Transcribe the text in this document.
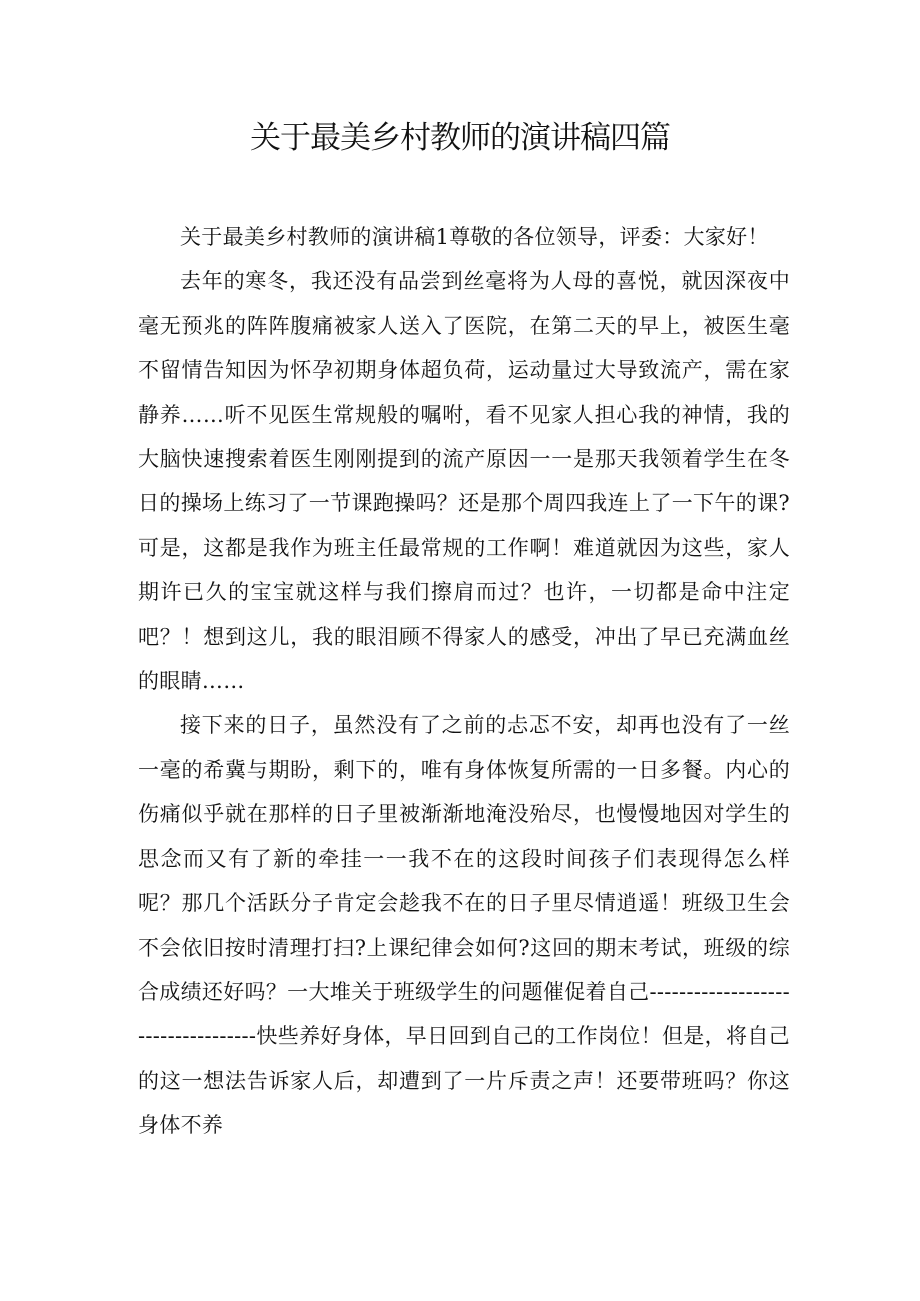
关于最美乡村教师的演讲稿四篇

关于最美乡村教师的演讲稿1尊敬的各位领导，评委：大家好！

去年的寒冬，我还没有品尝到丝毫将为人母的喜悦，就因深夜中毫无预兆的阵阵腹痛被家人送入了医院，在第二天的早上，被医生毫不留情告知因为怀孕初期身体超负荷，运动量过大导致流产，需在家静养……听不见医生常规般的嘱咐，看不见家人担心我的神情，我的大脑快速搜索着医生刚刚提到的流产原因一一是那天我领着学生在冬日的操场上练习了一节课跑操吗？还是那个周四我连上了一下午的课?可是，这都是我作为班主任最常规的工作啊！难道就因为这些，家人期许已久的宝宝就这样与我们擦肩而过？也许，一切都是命中注定吧？！想到这儿，我的眼泪顾不得家人的感受，冲出了早已充满血丝的眼睛……

接下来的日子，虽然没有了之前的忐忑不安，却再也没有了一丝一毫的希冀与期盼，剩下的，唯有身体恢复所需的一日多餐。内心的伤痛似乎就在那样的日子里被渐渐地淹没殆尽，也慢慢地因对学生的思念而又有了新的牵挂一一我不在的这段时间孩子们表现得怎么样呢？那几个活跃分子肯定会趁我不在的日子里尽情逍遥！班级卫生会不会依旧按时清理打扫?上课纪律会如何?这回的期末考试，班级的综合成绩还好吗？一大堆关于班级学生的问题催促着自己-----------------------------------快些养好身体，早日回到自己的工作岗位！但是，将自己的这一想法告诉家人后，却遭到了一片斥责之声！还要带班吗？你这身体不养
